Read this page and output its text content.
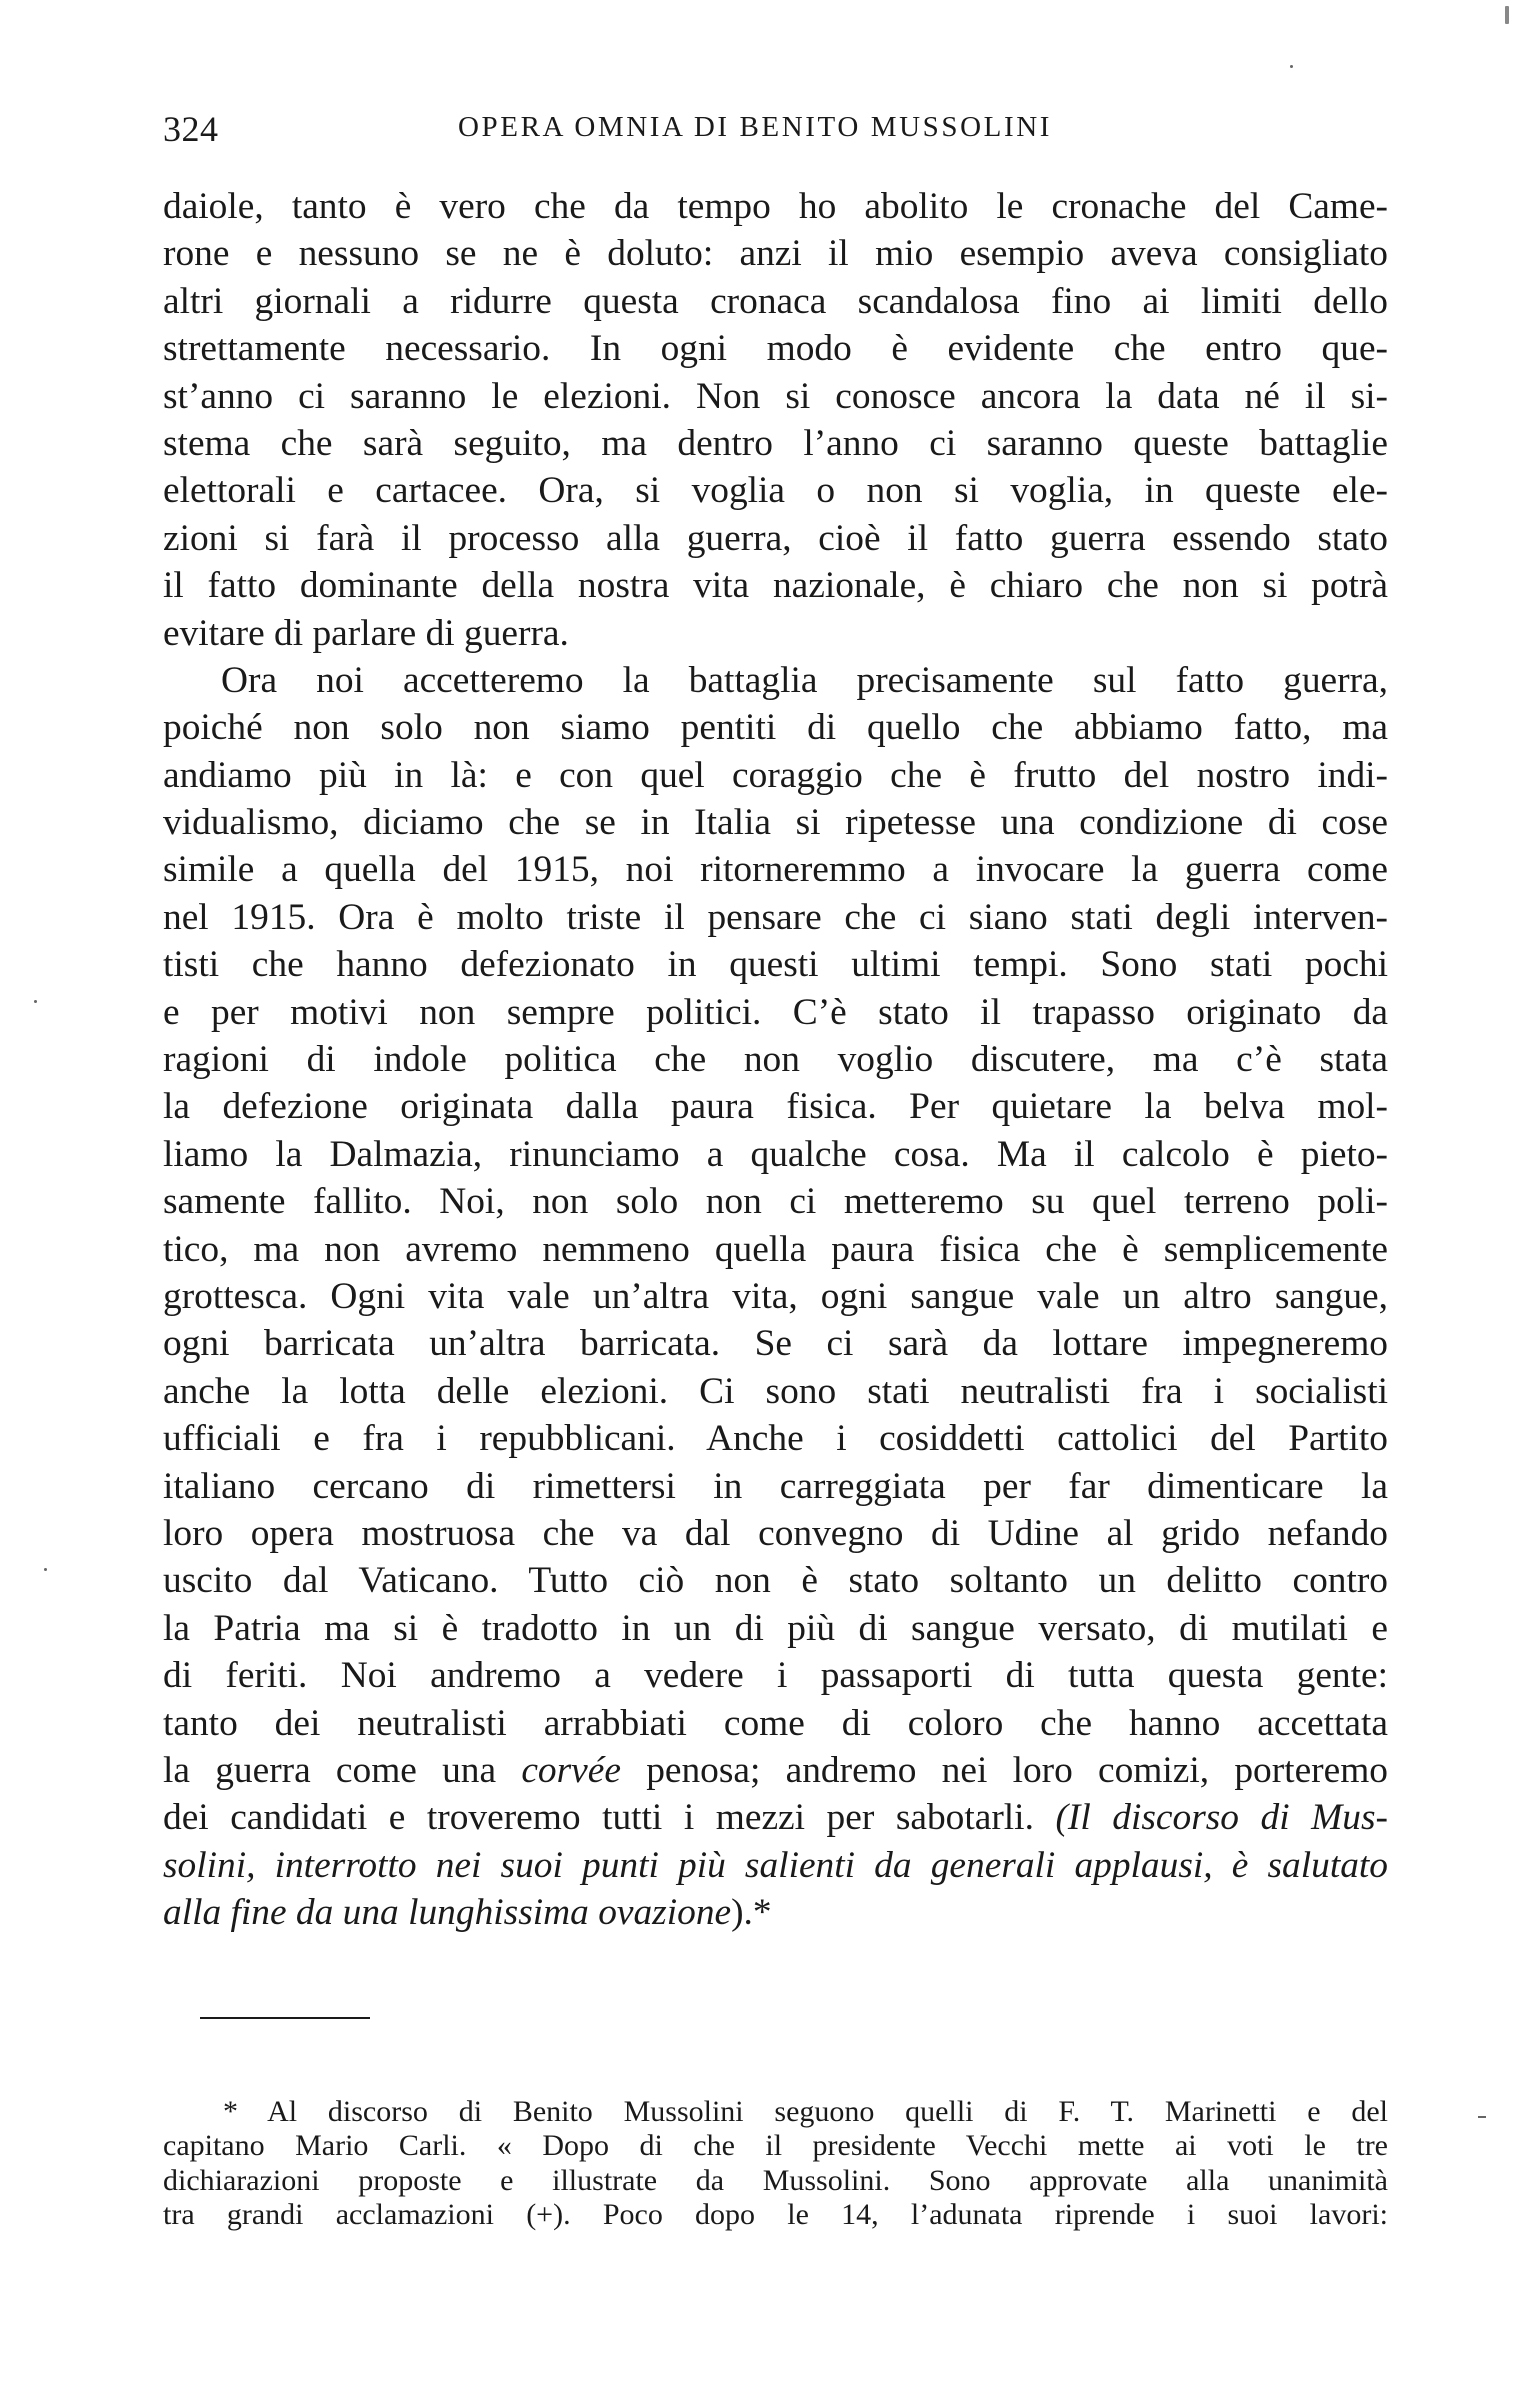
324	OPERA OMNIA DI BENITO MUSSOLINI
daiole, tanto è vero che da tempo ho abolito le cronache del Came-
rone e nessuno se ne è doluto: anzi il mio esempio aveva consigliato
altri giornali a ridurre questa cronaca scandalosa fino ai limiti dello
strettamente necessario. In ogni modo è evidente che entro que-
st’anno ci saranno le elezioni. Non si conosce ancora la data né il si-
stema che sarà seguito, ma dentro l’anno ci saranno queste battaglie
elettorali e cartacee. Ora, si voglia o non si voglia, in queste ele-
zioni si farà il processo alla guerra, cioè il fatto guerra essendo stato
il fatto dominante della nostra vita nazionale, è chiaro che non si potrà
evitare di parlare di guerra.
Ora noi accetteremo la battaglia precisamente sul fatto guerra,
poiché non solo non siamo pentiti di quello che abbiamo fatto, ma
andiamo più in là: e con quel coraggio che è frutto del nostro indi-
vidualismo, diciamo che se in Italia si ripetesse una condizione di cose
simile a quella del 1915, noi ritorneremmo a invocare la guerra come
nel 1915. Ora è molto triste il pensare che ci siano stati degli interven-
tisti che hanno defezionato in questi ultimi tempi. Sono stati pochi
e per motivi non sempre politici. C’è stato il trapasso originato da
ragioni di indole politica che non voglio discutere, ma c’è stata
la defezione originata dalla paura fisica. Per quietare la belva mol-
liamo la Dalmazia, rinunciamo a qualche cosa. Ma il calcolo è pieto-
samente fallito. Noi, non solo non ci metteremo su quel terreno poli-
tico, ma non avremo nemmeno quella paura fisica che è semplicemente
grottesca. Ogni vita vale un’altra vita, ogni sangue vale un altro sangue,
ogni barricata un’altra barricata. Se ci sarà da lottare impegneremo
anche la lotta delle elezioni. Ci sono stati neutralisti fra i socialisti
ufficiali e fra i repubblicani. Anche i cosiddetti cattolici del Partito
italiano cercano di rimettersi in carreggiata per far dimenticare la
loro opera mostruosa che va dal convegno di Udine al grido nefando
uscito dal Vaticano. Tutto ciò non è stato soltanto un delitto contro
la Patria ma si è tradotto in un di più di sangue versato, di mutilati e
di feriti. Noi andremo a vedere i passaporti di tutta questa gente:
tanto dei neutralisti arrabbiati come di coloro che hanno accettata
la guerra come una corvée penosa; andremo nei loro comizi, porteremo
dei candidati e troveremo tutti i mezzi per sabotarli. (Il discorso di Mus-
solini, interrotto nei suoi punti più salienti da generali applausi, è salutato
alla fine da una lunghissima ovazione).*
* Al discorso di Benito Mussolini seguono quelli di F. T. Marinetti e del
capitano Mario Carli. « Dopo di che il presidente Vecchi mette ai voti le tre
dichiarazioni proposte e illustrate da Mussolini. Sono approvate alla unanimità
tra grandi acclamazioni (+). Poco dopo le 14, l’adunata riprende i suoi lavori:
